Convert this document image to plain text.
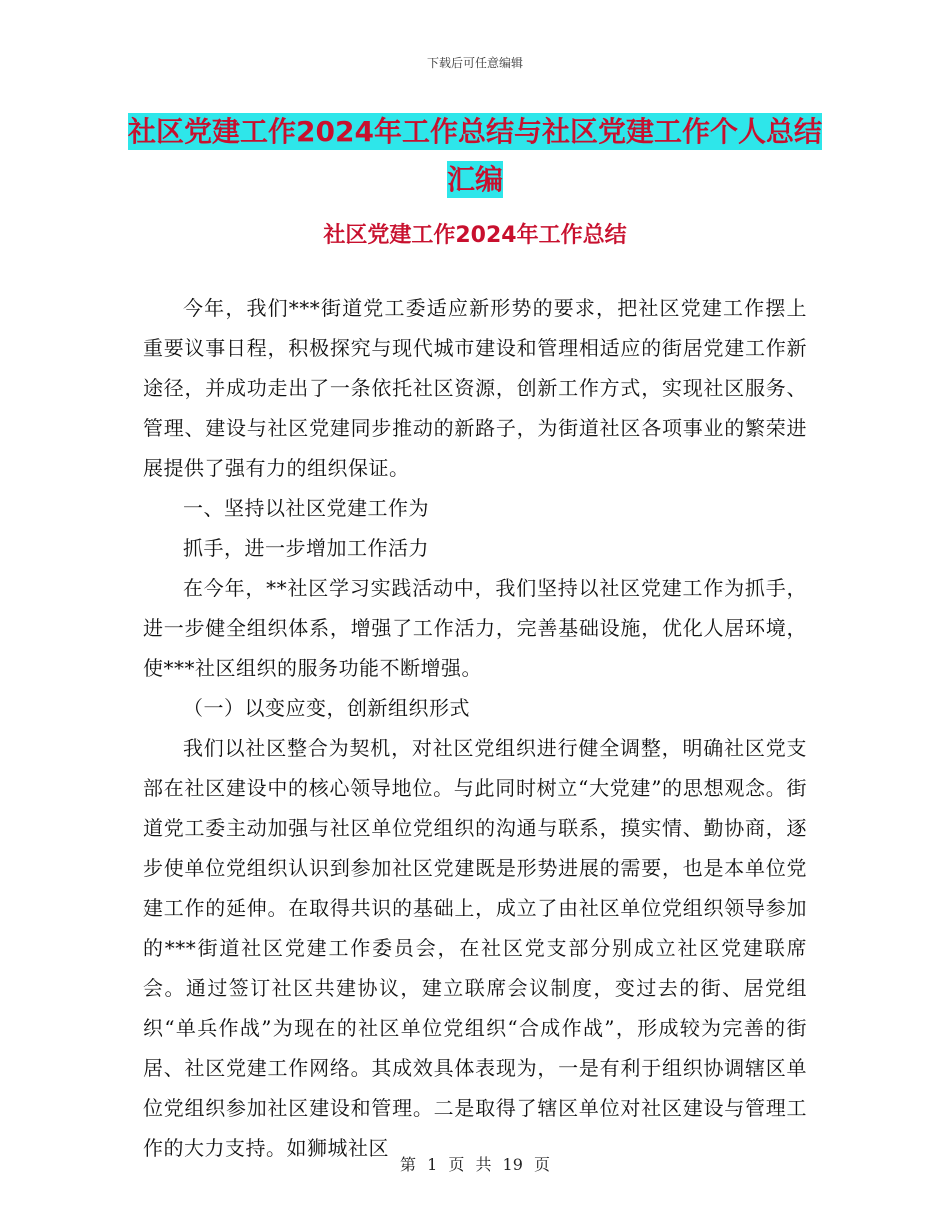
下载后可任意编辑
社区党建工作2024年工作总结与社区党建工作个人总结汇编
社区党建工作2024年工作总结

今年，我们***街道党工委适应新形势的要求，把社区党建工作摆上重要议事日程，积极探究与现代城市建设和管理相适应的街居党建工作新途径，并成功走出了一条依托社区资源，创新工作方式，实现社区服务、管理、建设与社区党建同步推动的新路子，为街道社区各项事业的繁荣进展提供了强有力的组织保证。

一、坚持以社区党建工作为

抓手，进一步增加工作活力

在今年，**社区学习实践活动中，我们坚持以社区党建工作为抓手，进一步健全组织体系，增强了工作活力，完善基础设施，优化人居环境，使***社区组织的服务功能不断增强。

（一）以变应变，创新组织形式

我们以社区整合为契机，对社区党组织进行健全调整，明确社区党支部在社区建设中的核心领导地位。与此同时树立“大党建”的思想观念。街道党工委主动加强与社区单位党组织的沟通与联系，摸实情、勤协商，逐步使单位党组织认识到参加社区党建既是形势进展的需要，也是本单位党建工作的延伸。在取得共识的基础上，成立了由社区单位党组织领导参加的***街道社区党建工作委员会，在社区党支部分别成立社区党建联席会。通过签订社区共建协议，建立联席会议制度，变过去的街、居党组织“单兵作战”为现在的社区单位党组织“合成作战”，形成较为完善的街居、社区党建工作网络。其成效具体表现为，一是有利于组织协调辖区单位党组织参加社区建设和管理。二是取得了辖区单位对社区建设与管理工作的大力支持。如狮城社区

第 1 页 共 19 页
